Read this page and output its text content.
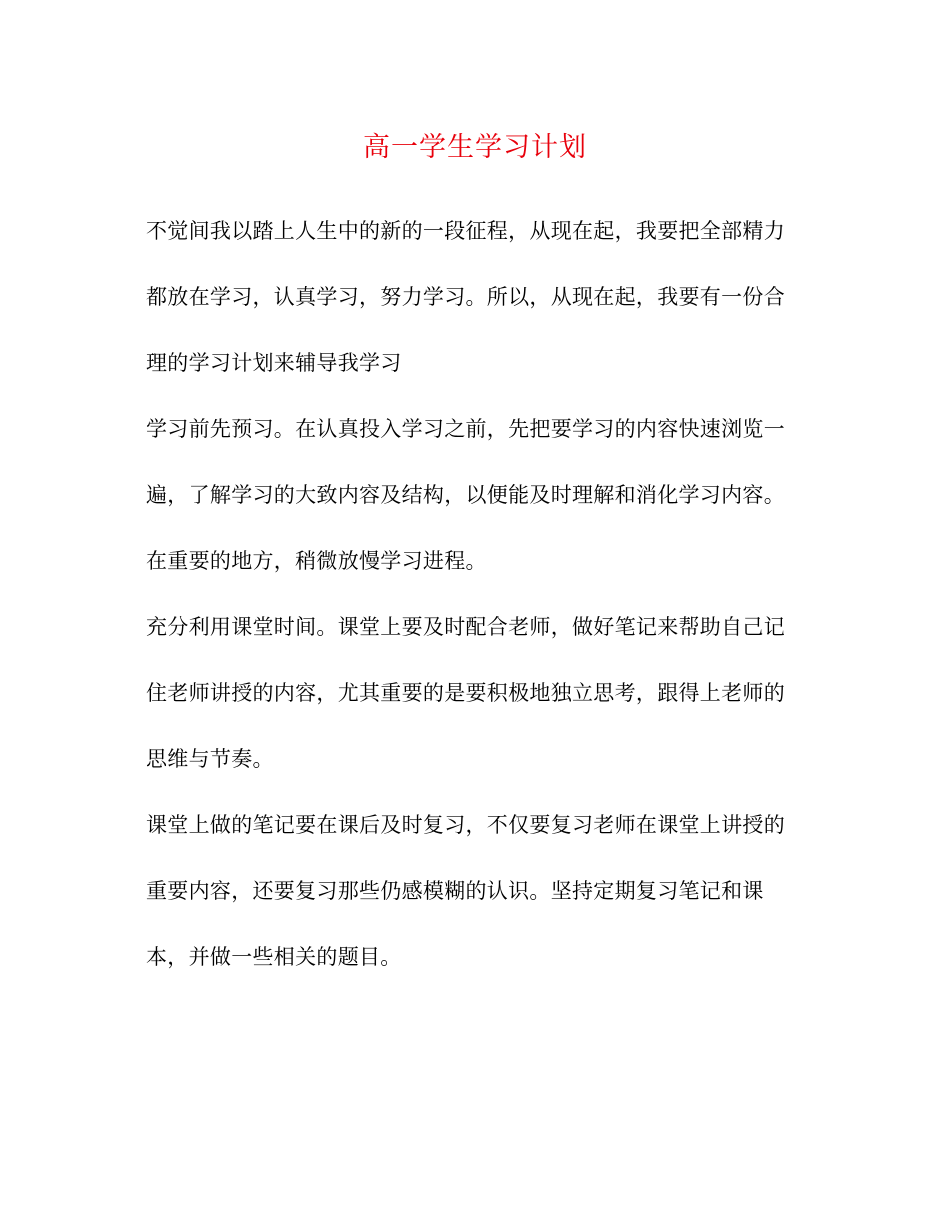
高一学生学习计划
不觉间我以踏上人生中的新的一段征程，从现在起，我要把全部精力
都放在学习，认真学习，努力学习。所以，从现在起，我要有一份合
理的学习计划来辅导我学习
学习前先预习。在认真投入学习之前，先把要学习的内容快速浏览一
遍，了解学习的大致内容及结构，以便能及时理解和消化学习内容。
在重要的地方，稍微放慢学习进程。
充分利用课堂时间。课堂上要及时配合老师，做好笔记来帮助自己记
住老师讲授的内容，尤其重要的是要积极地独立思考，跟得上老师的
思维与节奏。
课堂上做的笔记要在课后及时复习，不仅要复习老师在课堂上讲授的
重要内容，还要复习那些仍感模糊的认识。坚持定期复习笔记和课
本，并做一些相关的题目。
